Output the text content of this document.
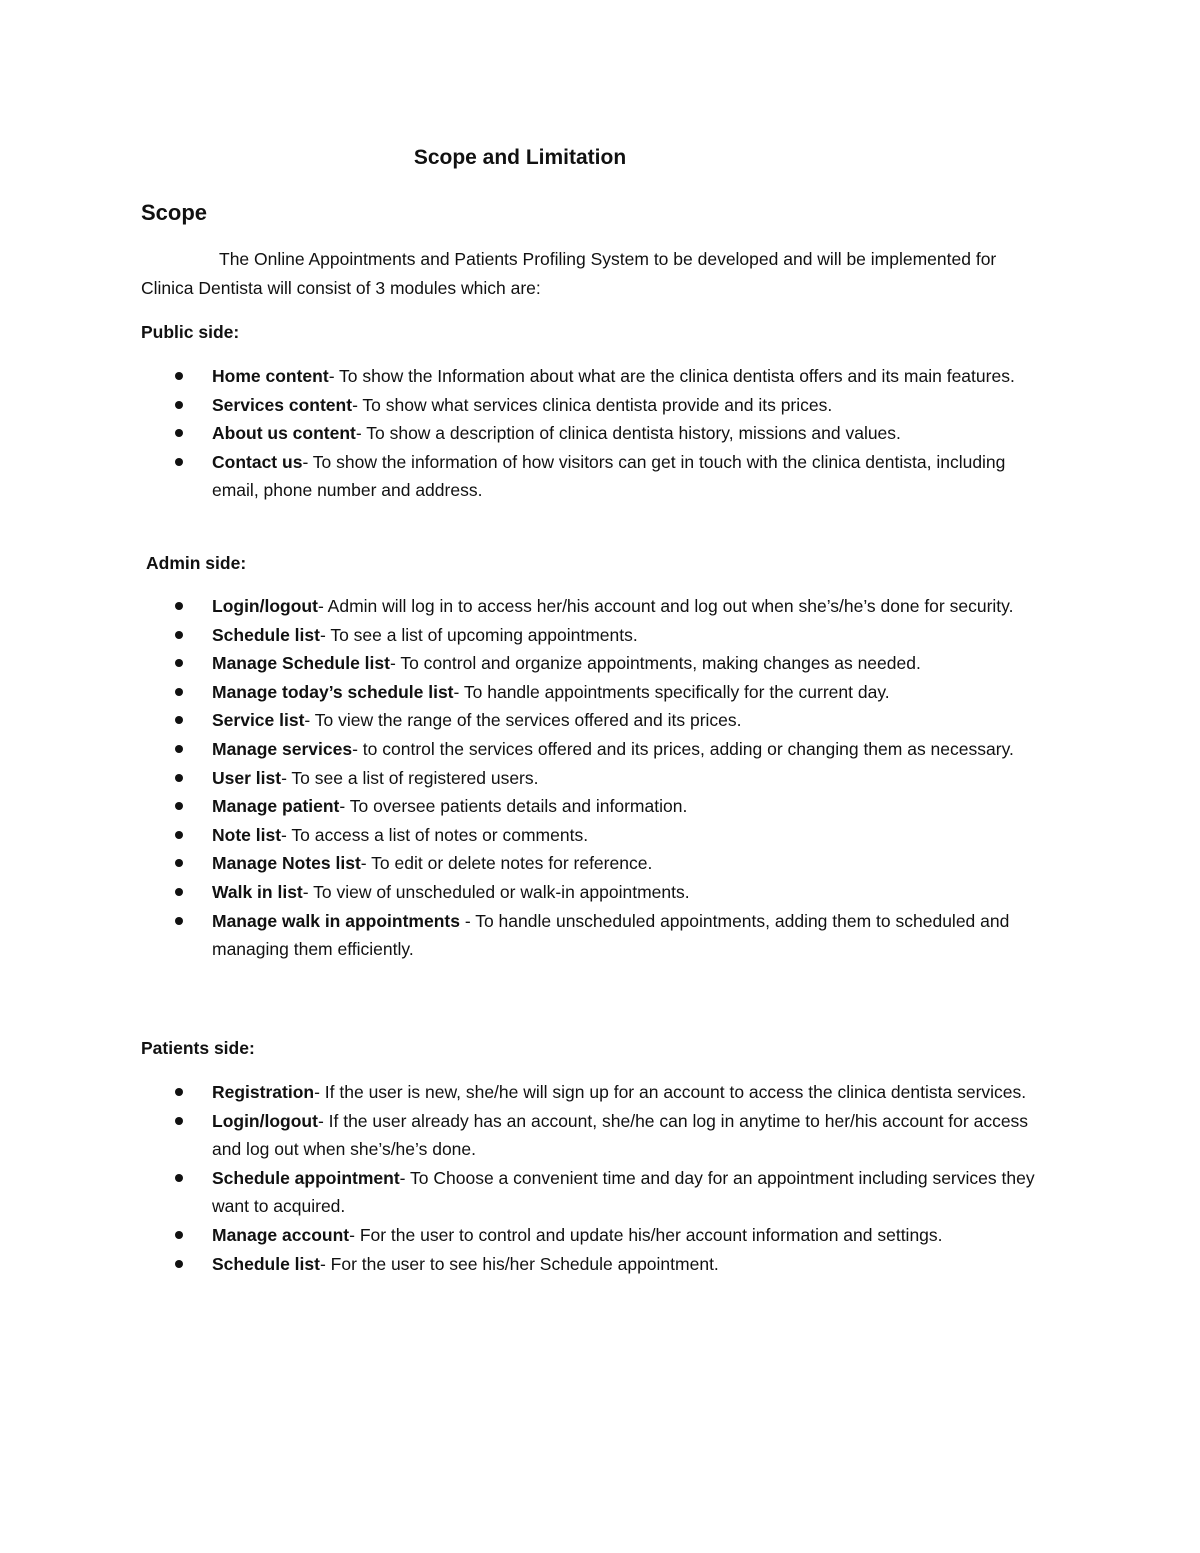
Scope and Limitation
Scope

The Online Appointments and Patients Profiling System to be developed and will be implemented for Clinica Dentista will consist of 3 modules which are:

Public side:

Home content- To show the Information about what are the clinica dentista offers and its main features.
Services content- To show what services clinica dentista provide and its prices.
About us content- To show a description of clinica dentista history, missions and values.
Contact us- To show the information of how visitors can get in touch with the clinica dentista, including email, phone number and address.

Admin side:

Login/logout- Admin will log in to access her/his account and log out when she’s/he’s done for security.
Schedule list- To see a list of upcoming appointments.
Manage Schedule list- To control and organize appointments, making changes as needed.
Manage today’s schedule list- To handle appointments specifically for the current day.
Service list- To view the range of the services offered and its prices.
Manage services- to control the services offered and its prices, adding or changing them as necessary.
User list- To see a list of registered users.
Manage patient- To oversee patients details and information.
Note list- To access a list of notes or comments.
Manage Notes list- To edit or delete notes for reference.
Walk in list- To view of unscheduled or walk-in appointments.
Manage walk in appointments - To handle unscheduled appointments, adding them to scheduled and managing them efficiently.

Patients side:

Registration- If the user is new, she/he will sign up for an account to access the clinica dentista services.
Login/logout- If the user already has an account, she/he can log in anytime to her/his account for access and log out when she’s/he’s done.
Schedule appointment- To Choose a convenient time and day for an appointment including services they want to acquired.
Manage account- For the user to control and update his/her account information and settings.
Schedule list- For the user to see his/her Schedule appointment.
